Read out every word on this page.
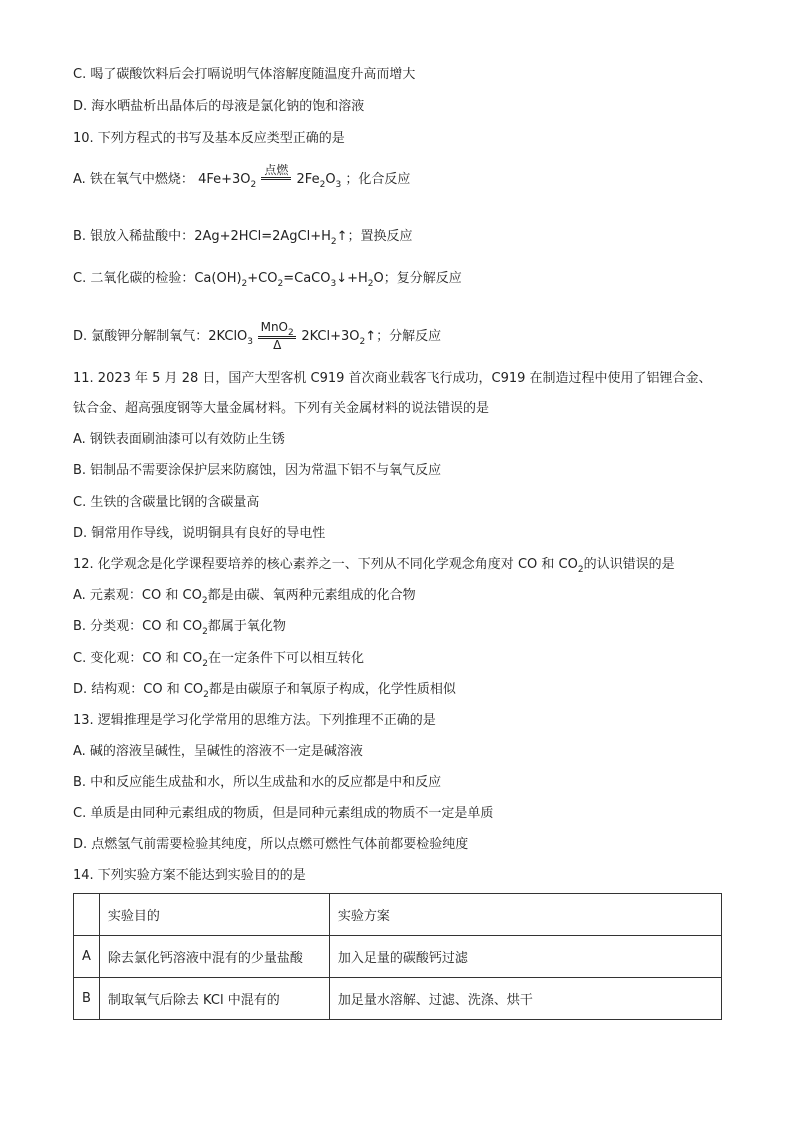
C. 喝了碳酸饮料后会打嗝说明气体溶解度随温度升高而增大
D. 海水晒盐析出晶体后的母液是氯化钠的饱和溶液
10. 下列方程式的书写及基本反应类型正确的是
A. 铁在氧气中燃烧： $4Fe+3O_2$
点燃
$2Fe_2O_3$ ；化合反应
B. 银放入稀盐酸中：$2Ag+2HCl=2AgCl+H_2↑$；置换反应
C. 二氧化碳的检验：$Ca(OH)_2+CO_2=CaCO_3↓+H_2O$；复分解反应
D. 氯酸钾分解制氧气：2KClO$_3$
MnO$_2$
Δ
$2KCl+3O_2↑$；分解反应
11. 2023 年 5 月 28 日，国产大型客机 C919 首次商业载客飞行成功，C919 在制造过程中使用了铝锂合金、
钛合金、超高强度钢等大量金属材料。下列有关金属材料的说法错误的是
A. 钢铁表面刷油漆可以有效防止生锈
B. 铝制品不需要涂保护层来防腐蚀，因为常温下铝不与氧气反应
C. 生铁的含碳量比钢的含碳量高
D. 铜常用作导线，说明铜具有良好的导电性
12. 化学观念是化学课程要培养的核心素养之一、下列从不同化学观念角度对 CO 和 $CO_2$的认识错误的是
A. 元素观：CO 和 $CO_2$都是由碳、氧两种元素组成的化合物
B. 分类观：CO 和 $CO_2$都属于氧化物
C. 变化观：CO 和 $CO_2$在一定条件下可以相互转化
D. 结构观：CO 和 $CO_2$都是由碳原子和氧原子构成，化学性质相似
13. 逻辑推理是学习化学常用的思维方法。下列推理不正确的是
A. 碱的溶液呈碱性，呈碱性的溶液不一定是碱溶液
B. 中和反应能生成盐和水，所以生成盐和水的反应都是中和反应
C. 单质是由同种元素组成的物质，但是同种元素组成的物质不一定是单质
D. 点燃氢气前需要检验其纯度，所以点燃可燃性气体前都要检验纯度
14. 下列实验方案不能达到实验目的的是
	实验目的	实验方案
A	除去氯化钙溶液中混有的少量盐酸	加入足量的碳酸钙过滤
B	制取氧气后除去 KCl 中混有的	加足量水溶解、过滤、洗涤、烘干
